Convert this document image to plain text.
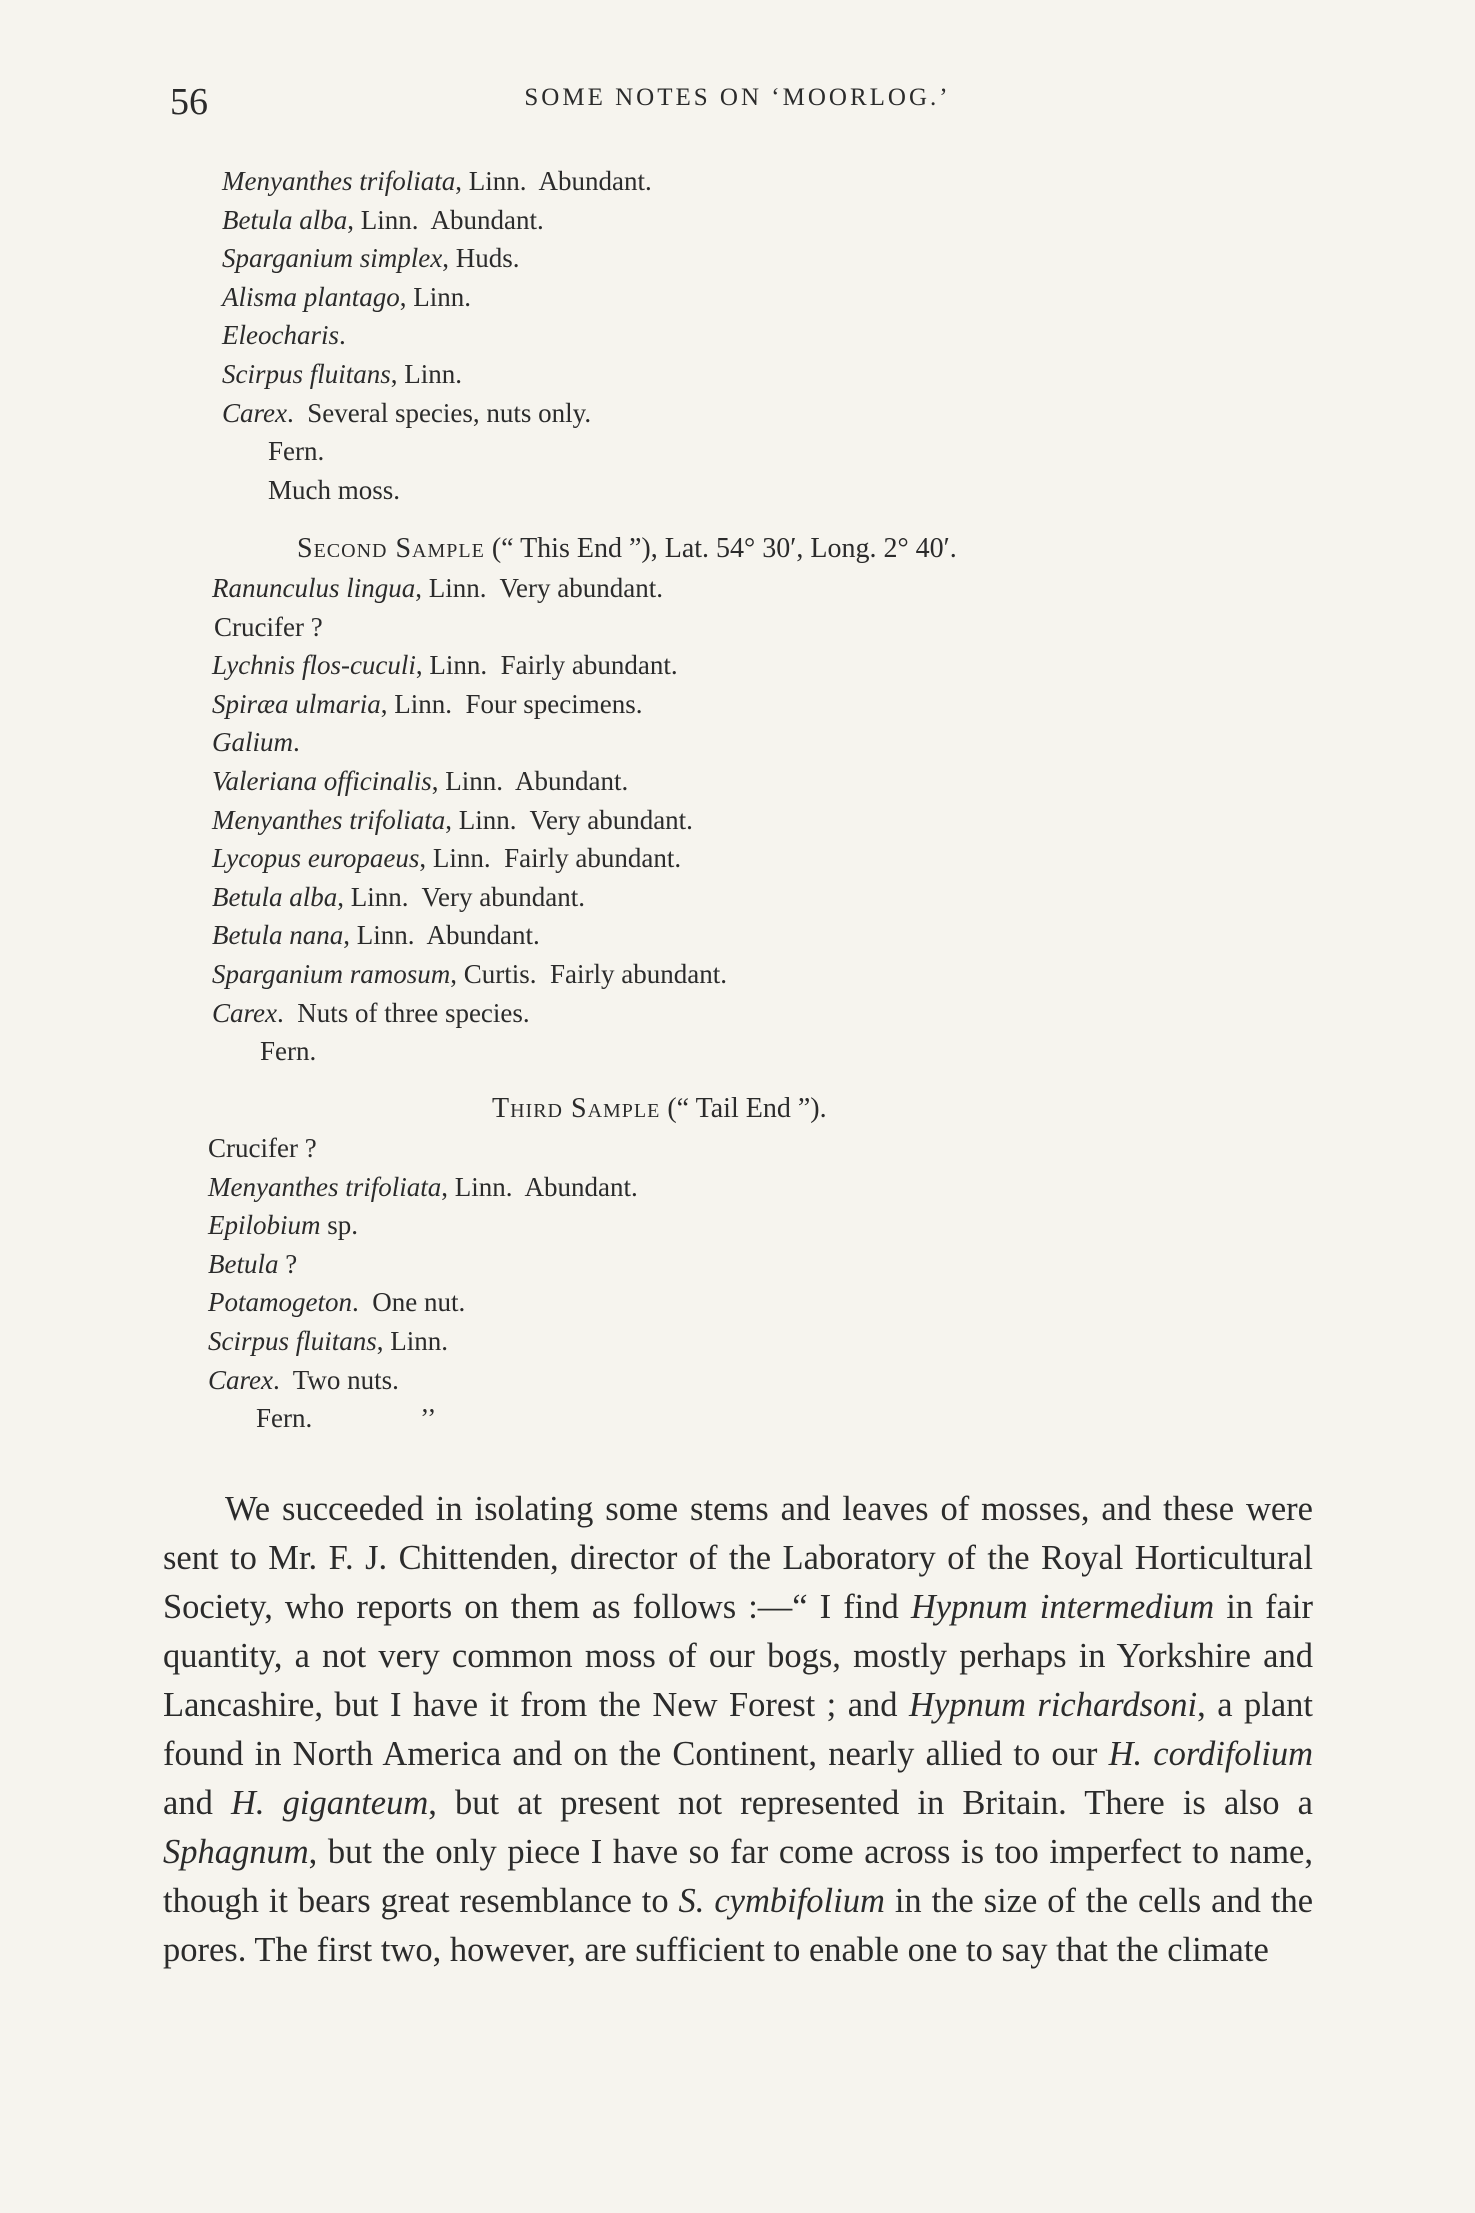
56	SOME NOTES ON ‘MOORLOG.’
Menyanthes trifoliata, Linn.  Abundant.
Betula alba, Linn.  Abundant.
Sparganium simplex, Huds.
Alisma plantago, Linn.
Eleocharis.
Scirpus fluitans, Linn.
Carex.  Several species, nuts only.
Fern.
Much moss.
Second Sample (“ This End ”), Lat. 54° 30′, Long. 2° 40′.
Ranunculus lingua, Linn.  Very abundant.
Crucifer ?
Lychnis flos-cuculi, Linn.  Fairly abundant.
Spiræa ulmaria, Linn.  Four specimens.
Galium.
Valeriana officinalis, Linn.  Abundant.
Menyanthes trifoliata, Linn.  Very abundant.
Lycopus europaeus, Linn.  Fairly abundant.
Betula alba, Linn.  Very abundant.
Betula nana, Linn.  Abundant.
Sparganium ramosum, Curtis.  Fairly abundant.
Carex.  Nuts of three species.
Fern.
Third Sample (“ Tail End ”).
Crucifer ?
Menyanthes trifoliata, Linn.  Abundant.
Epilobium sp.
Betula ?
Potamogeton.  One nut.
Scirpus fluitans, Linn.
Carex.  Two nuts.
Fern.                ’’
We succeeded in isolating some stems and leaves of mosses, and these were sent to Mr. F. J. Chittenden, director of the Laboratory of the Royal Horticultural Society, who reports on them as follows :—“ I find Hypnum intermedium in fair quantity, a not very common moss of our bogs, mostly perhaps in Yorkshire and Lancashire, but I have it from the New Forest ; and Hypnum richardsoni, a plant found in North America and on the Continent, nearly allied to our H. cordifolium and H. giganteum, but at present not represented in Britain. There is also a Sphagnum, but the only piece I have so far come across is too imperfect to name, though it bears great resemblance to S. cymbifolium in the size of the cells and the pores. The first two, however, are sufficient to enable one to say that the climate
